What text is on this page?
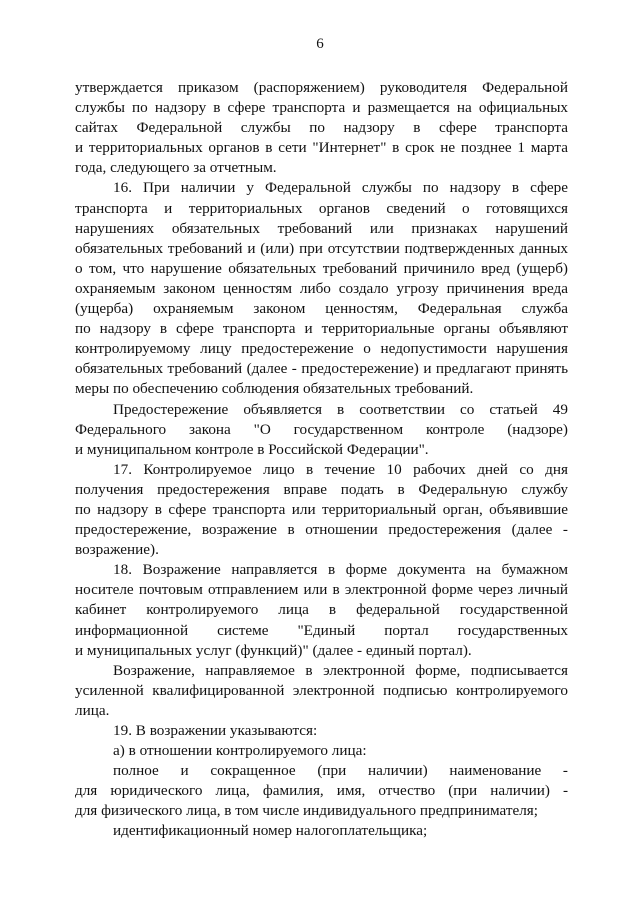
6
утверждается приказом (распоряжением) руководителя Федеральной
службы по надзору в сфере транспорта и размещается на официальных
сайтах Федеральной службы по надзору в сфере транспорта
и территориальных органов в сети "Интернет" в срок не позднее 1 марта
года, следующего за отчетным.
16. При наличии у Федеральной службы по надзору в сфере
транспорта и территориальных органов сведений о готовящихся
нарушениях обязательных требований или признаках нарушений
обязательных требований и (или) при отсутствии подтвержденных данных
о том, что нарушение обязательных требований причинило вред (ущерб)
охраняемым законом ценностям либо создало угрозу причинения вреда
(ущерба) охраняемым законом ценностям, Федеральная служба
по надзору в сфере транспорта и территориальные органы объявляют
контролируемому лицу предостережение о недопустимости нарушения
обязательных требований (далее - предостережение) и предлагают принять
меры по обеспечению соблюдения обязательных требований.
Предостережение объявляется в соответствии со статьей 49
Федерального закона "О государственном контроле (надзоре)
и муниципальном контроле в Российской Федерации".
17. Контролируемое лицо в течение 10 рабочих дней со дня
получения предостережения вправе подать в Федеральную службу
по надзору в сфере транспорта или территориальный орган, объявившие
предостережение, возражение в отношении предостережения (далее -
возражение).
18. Возражение направляется в форме документа на бумажном
носителе почтовым отправлением или в электронной форме через личный
кабинет контролируемого лица в федеральной государственной
информационной системе "Единый портал государственных
и муниципальных услуг (функций)" (далее - единый портал).
Возражение, направляемое в электронной форме, подписывается
усиленной квалифицированной электронной подписью контролируемого
лица.
19. В возражении указываются:
а) в отношении контролируемого лица:
полное и сокращенное (при наличии) наименование -
для юридического лица, фамилия, имя, отчество (при наличии) -
для физического лица, в том числе индивидуального предпринимателя;
идентификационный номер налогоплательщика;
